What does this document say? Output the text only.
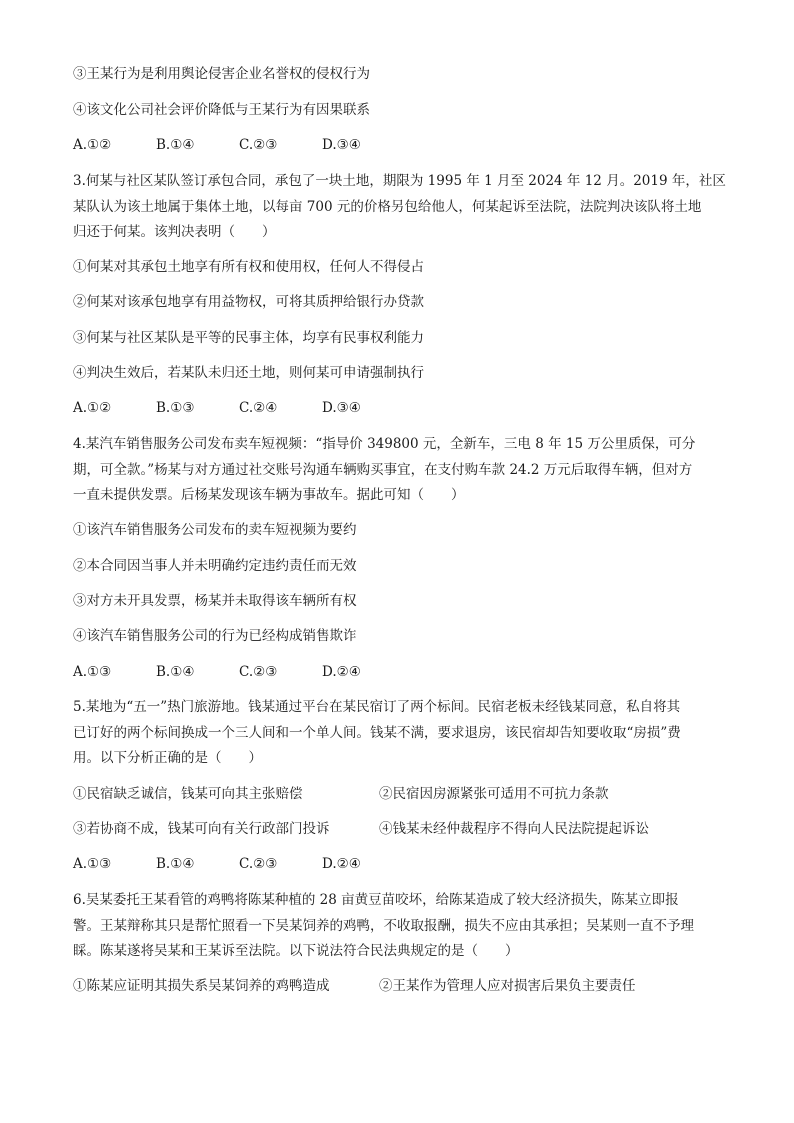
③王某行为是利用舆论侵害企业名誉权的侵权行为
④该文化公司社会评价降低与王某行为有因果联系
A.①②	B.①④	C.②③	D.③④
3.何某与社区某队签订承包合同，承包了一块土地，期限为 1995 年 1 月至 2024 年 12 月。2019 年，社区
某队认为该土地属于集体土地，以每亩 700 元的价格另包给他人，何某起诉至法院，法院判决该队将土地
归还于何某。该判决表明（　　）
①何某对其承包土地享有所有权和使用权，任何人不得侵占
②何某对该承包地享有用益物权，可将其质押给银行办贷款
③何某与社区某队是平等的民事主体，均享有民事权利能力
④判决生效后，若某队未归还土地，则何某可申请强制执行
A.①②	B.①③	C.②④	D.③④
4.某汽车销售服务公司发布卖车短视频：“指导价 349800 元，全新车，三电 8 年 15 万公里质保，可分
期，可全款。”杨某与对方通过社交账号沟通车辆购买事宜，在支付购车款 24.2 万元后取得车辆，但对方
一直未提供发票。后杨某发现该车辆为事故车。据此可知（　　）
①该汽车销售服务公司发布的卖车短视频为要约
②本合同因当事人并未明确约定违约责任而无效
③对方未开具发票，杨某并未取得该车辆所有权
④该汽车销售服务公司的行为已经构成销售欺诈
A.①③	B.①④	C.②③	D.②④
5.某地为“五一”热门旅游地。钱某通过平台在某民宿订了两个标间。民宿老板未经钱某同意，私自将其
已订好的两个标间换成一个三人间和一个单人间。钱某不满，要求退房，该民宿却告知要收取“房损”费
用。以下分析正确的是（　　）
①民宿缺乏诚信，钱某可向其主张赔偿	②民宿因房源紧张可适用不可抗力条款
③若协商不成，钱某可向有关行政部门投诉	④钱某未经仲裁程序不得向人民法院提起诉讼
A.①③	B.①④	C.②③	D.②④
6.吴某委托王某看管的鸡鸭将陈某种植的 28 亩黄豆苗咬坏，给陈某造成了较大经济损失，陈某立即报
警。王某辩称其只是帮忙照看一下吴某饲养的鸡鸭，不收取报酬，损失不应由其承担；吴某则一直不予理
睬。陈某遂将吴某和王某诉至法院。以下说法符合民法典规定的是（　　）
①陈某应证明其损失系吴某饲养的鸡鸭造成	②王某作为管理人应对损害后果负主要责任
